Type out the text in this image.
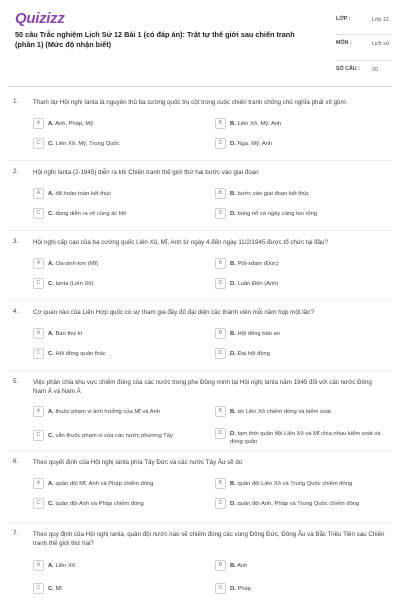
Quizizz
50 câu Trắc nghiệm Lịch Sử 12 Bài 1 (có đáp án): Trật tự thế giới sau chiến tranh (phần 1) (Mức độ nhận biết)
LỚP :	Lớp 12
MÔN :	Lịch sử
SỐ CÂU : 20
1. Tham dự Hội nghị Ianta là nguyên thủ ba cường quốc trụ cột trong cuộc chiến tranh chống chủ nghĩa phát xít gồm:
A	A. Anh, Pháp, Mỹ	B	B. Liên Xô, Mỹ, Anh
C	C. Liên Xô, Mỹ, Trung Quốc	D	D. Nga, Mỹ, Anh
2. Hội nghị Ianta (2-1945) diễn ra khi Chiến tranh thế giới thứ hai bước vào giai đoạn
A	A. đã hoàn toàn kết thúc	B	B. bước vào giai đoạn kết thúc
C	C. đang diễn ra vô cùng ác liệt	D	D. bùng nổ và ngày càng lan rộng
3. Hội nghị cấp cao của ba cường quốc Liên Xô, Mĩ, Anh từ ngày 4 đến ngày 11/2/1945 được tổ chức tại đâu?
A	A. Oa-sinh-tơn (Mĩ)	B	B. Pốt-xđam (Đức)
C	C. Ianta (Liên Xô)	D	D. Luân Đôn (Anh)
4. Cơ quan nào của Liên Hợp quốc có sự tham gia đầy đủ đại diện các thành viên mỗi năm họp một lần?
A	A. Ban thư kí	B	B. Hội đồng bảo an
C	C. Hội đồng quản thác	D	D. Đại hội đồng
5. Việc phân chia khu vực chiếm đóng của các nước trong phe Đồng minh tại Hội nghị Ianta năm 1945 đối với các nước Đông Nam Á và Nam Á
A	A. thuộc phạm vi ảnh hưởng của Mĩ và Anh	B	B. do Liên Xô chiếm đóng và kiểm soát
C	C. vẫn thuộc phạm vi của các nước phương Tây	D	D. tạm thời quân đội Liên Xô và Mĩ chia nhau kiểm soát và đóng quân
6. Theo quyết định của Hội nghị Ianta phía Tây Đức và các nước Tây Âu sẽ do
A	A. quân đội Mĩ, Anh và Pháp chiếm đóng	B	B. quân đội Liên Xô và Trung Quốc chiếm đóng
C	C. quân đội Anh và Pháp chiếm đóng	D	D. quân đội Anh, Pháp và Trung Quốc chiếm đóng
7. Theo quy định của Hội nghị Ianta, quân đội nước nào sẽ chiếm đóng các vùng Đông Đức, Đông Âu và Bắc Triều Tiên sau Chiến tranh thế giới thứ hai?
A	A. Liên Xô	B	B. Anh
C	C. Mĩ	D	D. Pháp
